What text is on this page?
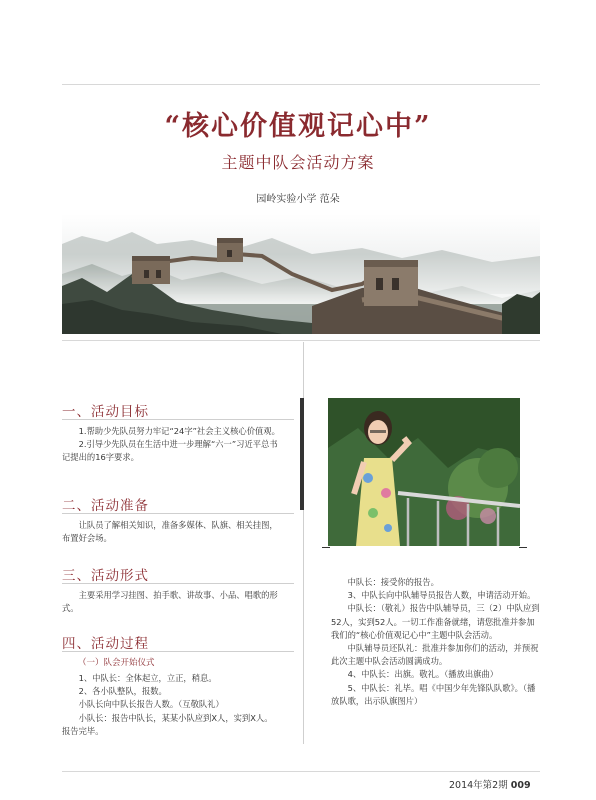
“核心价值观记心中”
主题中队会活动方案
园岭实验小学 范朵
一、活动目标

1.帮助少先队员努力牢记“24字”社会主义核心价值观。

2.引导少先队员在生活中进一步理解“六一”习近平总书记提出的16字要求。

二、活动准备

让队员了解相关知识，准备多媒体、队旗、相关挂图，布置好会场。

三、活动形式

主要采用学习挂图、拍手歌、讲故事、小品、唱歌的形式。

四、活动过程
（一）队会开始仪式

1、中队长：全体起立，立正，稍息。

2、各小队整队，报数。

小队长向中队长报告人数。（互敬队礼）

小队长：报告中队长，某某小队应到X人，实到X人。报告完毕。

中队长：接受你的报告。

3、中队长向中队辅导员报告人数，申请活动开始。

中队长：（敬礼）报告中队辅导员，三（2）中队应到52人，实到52人。一切工作准备就绪，请您批准并参加我们的“核心价值观记心中”主题中队会活动。

中队辅导员还队礼：批准并参加你们的活动，并预祝此次主题中队会活动圆满成功。

4、中队长：出旗。敬礼。（播放出旗曲）

5、中队长：礼毕。唱《中国少年先锋队队歌》。（播放队歌，出示队旗图片）

2014年第2期 009
